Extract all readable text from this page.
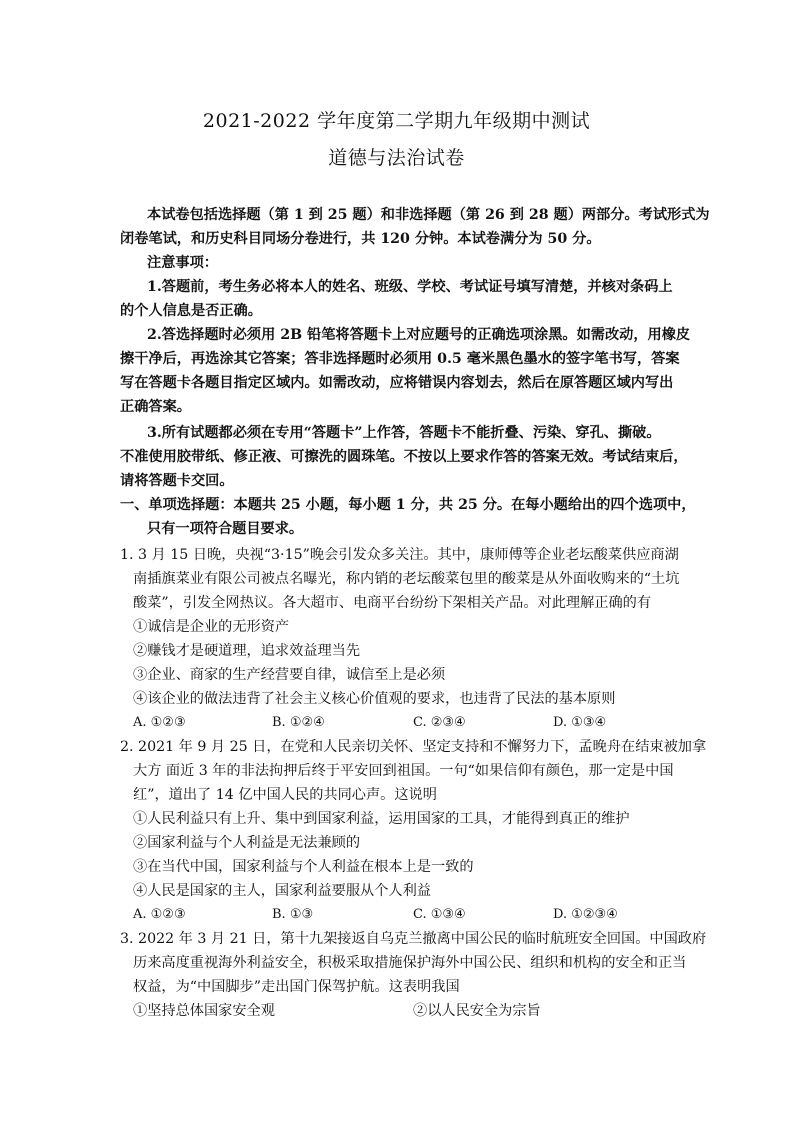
2021-2022 学年度第二学期九年级期中测试
道德与法治试卷
本试卷包括选择题（第 1 到 25 题）和非选择题（第 26 到 28 题）两部分。考试形式为
闭卷笔试，和历史科目同场分卷进行，共 120 分钟。本试卷满分为 50 分。
注意事项：
1.答题前，考生务必将本人的姓名、班级、学校、考试证号填写清楚，并核对条码上
的个人信息是否正确。
2.答选择题时必须用 2B 铅笔将答题卡上对应题号的正确选项涂黑。如需改动，用橡皮
擦干净后，再选涂其它答案；答非选择题时必须用 0.5 毫米黑色墨水的签字笔书写，答案
写在答题卡各题目指定区域内。如需改动，应将错误内容划去，然后在原答题区域内写出
正确答案。
3.所有试题都必须在专用“答题卡”上作答，答题卡不能折叠、污染、穿孔、撕破。
不准使用胶带纸、修正液、可擦洗的圆珠笔。不按以上要求作答的答案无效。考试结束后，
请将答题卡交回。
一、单项选择题：本题共 25 小题，每小题 1 分，共 25 分。在每小题给出的四个选项中，
只有一项符合题目要求。
1. 3 月 15 日晚，央视“3·15”晚会引发众多关注。其中，康师傅等企业老坛酸菜供应商湖
南插旗菜业有限公司被点名曝光，称内销的老坛酸菜包里的酸菜是从外面收购来的“土坑
酸菜”，引发全网热议。各大超市、电商平台纷纷下架相关产品。对此理解正确的有
①诚信是企业的无形资产
②赚钱才是硬道理，追求效益理当先
③企业、商家的生产经营要自律，诚信至上是必须
④该企业的做法违背了社会主义核心价值观的要求，也违背了民法的基本原则
A. ①②③	B. ①②④	C. ②③④	D. ①③④
2. 2021 年 9 月 25 日，在党和人民亲切关怀、坚定支持和不懈努力下，孟晚舟在结束被加拿
大方 面近 3 年的非法拘押后终于平安回到祖国。一句“如果信仰有颜色，那一定是中国
红”，道出了 14 亿中国人民的共同心声。这说明
①人民利益只有上升、集中到国家利益，运用国家的工具，才能得到真正的维护
②国家利益与个人利益是无法兼顾的
③在当代中国，国家利益与个人利益在根本上是一致的
④人民是国家的主人，国家利益要服从个人利益
A. ①②③	B. ①③	C. ①③④	D. ①②③④
3. 2022 年 3 月 21 日，第十九架接返自乌克兰撤离中国公民的临时航班安全回国。中国政府
历来高度重视海外利益安全，积极采取措施保护海外中国公民、组织和机构的安全和正当
权益，为“中国脚步”走出国门保驾护航。这表明我国
①坚持总体国家安全观	②以人民安全为宗旨
